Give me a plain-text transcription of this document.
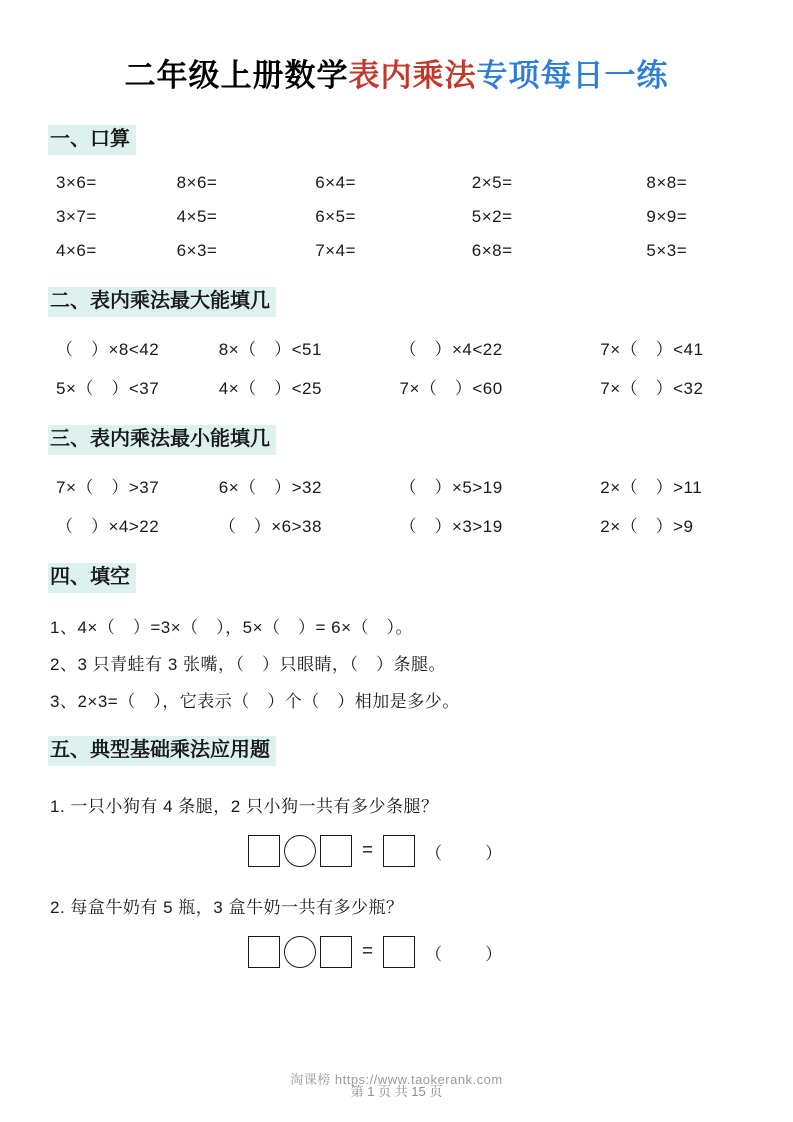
二年级上册数学表内乘法专项每日一练
一、口算
3×6=	8×6=	6×4=	2×5=	8×8=
3×7=	4×5=	6×5=	5×2=	9×9=
4×6=	6×3=	7×4=	6×8=	5×3=
二、表内乘法最大能填几
（　）×8<42	8×（　）<51	（　）×4<22	7×（　）<41
5×（　）<37	4×（　）<25	7×（　）<60	7×（　）<32
三、表内乘法最小能填几
7×（　）>37	6×（　）>32	（　）×5>19	2×（　）>11
（　）×4>22	（　）×6>38	（　）×3>19	2×（　）>9
四、填空
1、4×（　）=3×（　），5×（　）= 6×（　）。
2、3 只青蛙有 3 张嘴，（　）只眼睛，（　）条腿。
3、2×3=（　），它表示（　）个（　）相加是多少。
五、典型基础乘法应用题
1. 一只小狗有 4 条腿，2 只小狗一共有多少条腿？
=	（　　）
2. 每盒牛奶有 5 瓶，3 盒牛奶一共有多少瓶？
=	（　　）
淘课榜 https://www.taokerank.com
第 1 页 共 15 页
